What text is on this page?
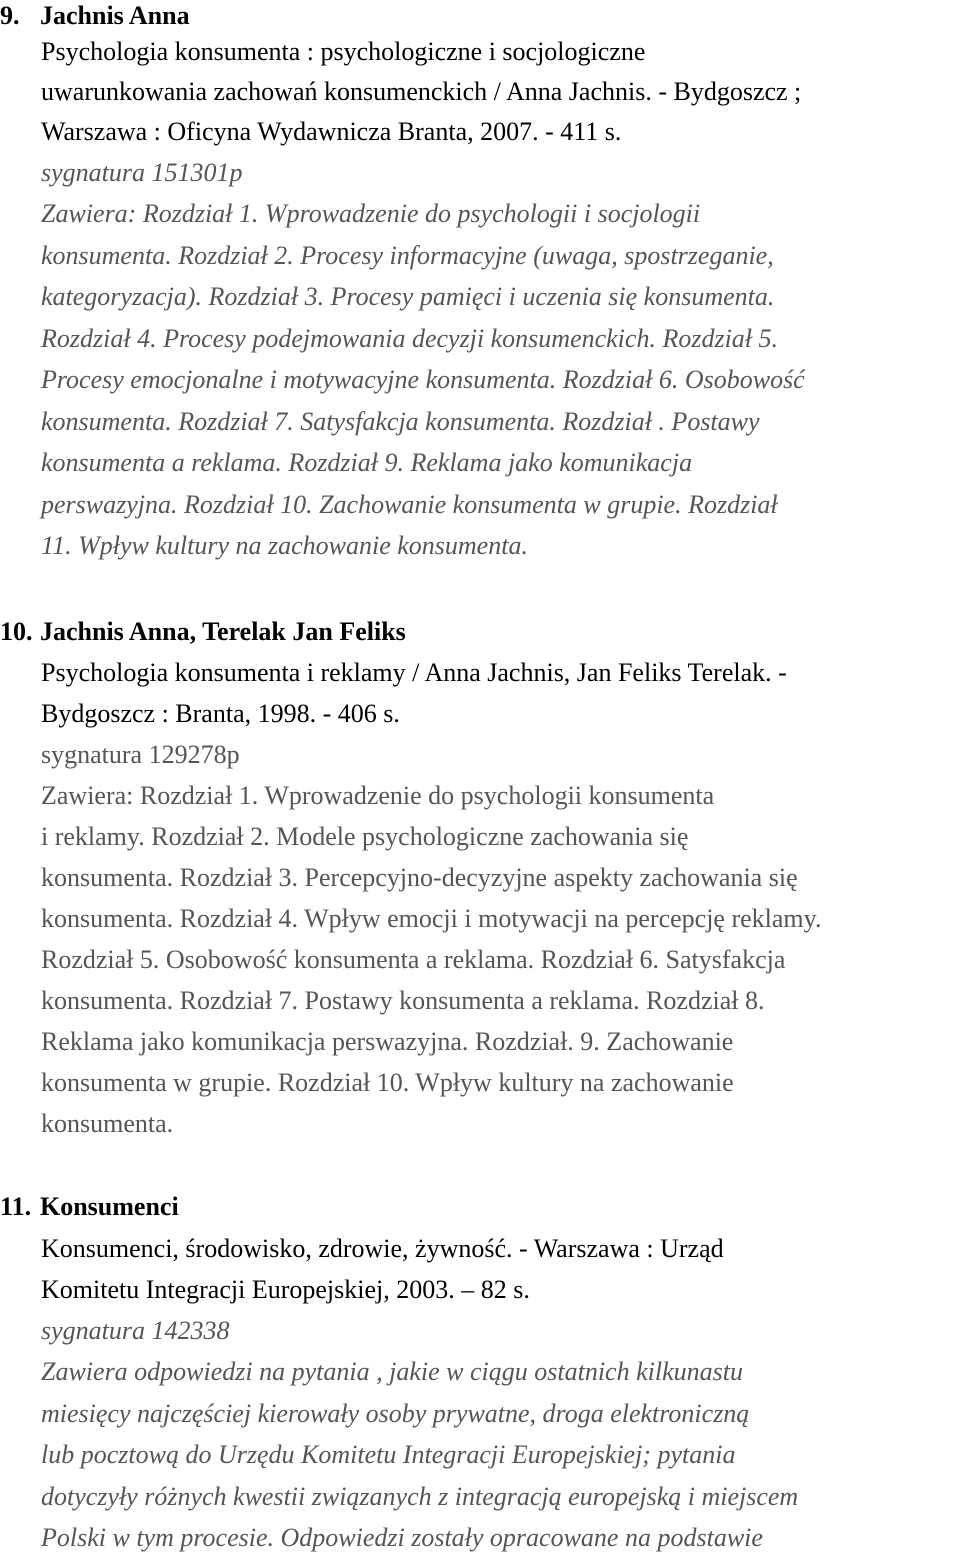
9. Jachnis Anna
Psychologia konsumenta : psychologiczne i socjologiczne
uwarunkowania zachowań konsumenckich / Anna Jachnis. - Bydgoszcz ;
Warszawa : Oficyna Wydawnicza Branta, 2007. - 411 s.
sygnatura 151301p
Zawiera: Rozdział 1. Wprowadzenie do psychologii i socjologii
konsumenta. Rozdział 2. Procesy informacyjne (uwaga, spostrzeganie,
kategoryzacja). Rozdział 3. Procesy pamięci i uczenia się konsumenta.
Rozdział 4. Procesy podejmowania decyzji konsumenckich. Rozdział 5.
Procesy emocjonalne i motywacyjne konsumenta. Rozdział 6. Osobowość
konsumenta. Rozdział 7. Satysfakcja konsumenta. Rozdział . Postawy
konsumenta a reklama. Rozdział 9. Reklama jako komunikacja
perswazyjna. Rozdział 10. Zachowanie konsumenta w grupie. Rozdział
11. Wpływ kultury na zachowanie konsumenta.
10. Jachnis Anna, Terelak Jan Feliks
Psychologia konsumenta i reklamy / Anna Jachnis, Jan Feliks Terelak. -
Bydgoszcz : Branta, 1998. - 406 s.
sygnatura 129278p
Zawiera: Rozdział 1. Wprowadzenie do psychologii konsumenta
i reklamy. Rozdział 2. Modele psychologiczne zachowania się
konsumenta. Rozdział 3. Percepcyjno-decyzyjne aspekty zachowania się
konsumenta. Rozdział 4. Wpływ emocji i motywacji na percepcję reklamy.
Rozdział 5. Osobowość konsumenta a reklama. Rozdział 6. Satysfakcja
konsumenta. Rozdział 7. Postawy konsumenta a reklama. Rozdział 8.
Reklama jako komunikacja perswazyjna. Rozdział. 9. Zachowanie
konsumenta w grupie. Rozdział 10. Wpływ kultury na zachowanie
konsumenta.
11. Konsumenci
Konsumenci, środowisko, zdrowie, żywność. - Warszawa : Urząd
Komitetu Integracji Europejskiej, 2003. – 82 s.
sygnatura 142338
Zawiera odpowiedzi na pytania , jakie w ciągu ostatnich kilkunastu
miesięcy najczęściej kierowały osoby prywatne, droga elektroniczną
lub pocztową do Urzędu Komitetu Integracji Europejskiej; pytania
dotyczyły różnych kwestii związanych z integracją europejską i miejscem
Polski w tym procesie. Odpowiedzi zostały opracowane na podstawie
